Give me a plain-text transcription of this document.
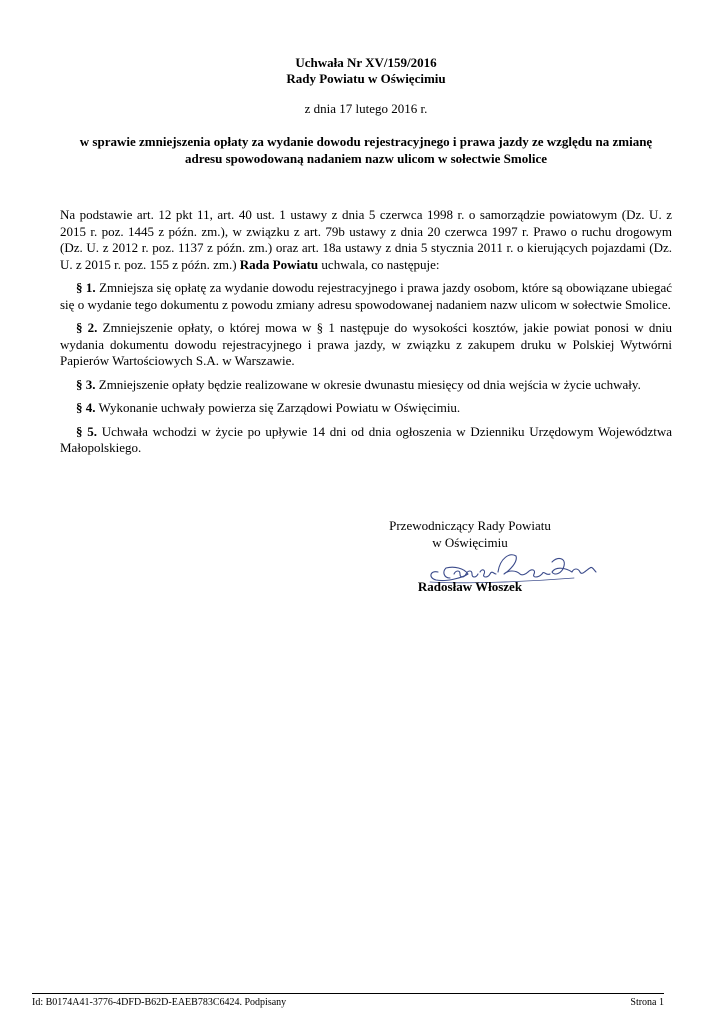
Uchwała Nr XV/159/2016
Rady Powiatu w Oświęcimiu
z dnia 17 lutego 2016 r.
w sprawie zmniejszenia opłaty za wydanie dowodu rejestracyjnego i prawa jazdy ze względu na zmianę adresu spowodowaną nadaniem nazw ulicom w sołectwie Smolice

Na podstawie art. 12 pkt 11, art. 40 ust. 1 ustawy z dnia 5 czerwca 1998 r. o samorządzie powiatowym (Dz. U. z 2015 r. poz. 1445 z późn. zm.), w związku z art. 79b ustawy z dnia 20 czerwca 1997 r. Prawo o ruchu drogowym (Dz. U. z 2012 r. poz. 1137 z późn. zm.) oraz art. 18a ustawy z dnia 5 stycznia 2011 r. o kierujących pojazdami (Dz. U. z 2015 r. poz. 155 z późn. zm.) Rada Powiatu uchwala, co następuje:

§ 1. Zmniejsza się opłatę za wydanie dowodu rejestracyjnego i prawa jazdy osobom, które są obowiązane ubiegać się o wydanie tego dokumentu z powodu zmiany adresu spowodowanej nadaniem nazw ulicom w sołectwie Smolice.

§ 2. Zmniejszenie opłaty, o której mowa w § 1 następuje do wysokości kosztów, jakie powiat ponosi w dniu wydania dokumentu dowodu rejestracyjnego i prawa jazdy, w związku z zakupem druku w Polskiej Wytwórni Papierów Wartościowych S.A. w Warszawie.

§ 3. Zmniejszenie opłaty będzie realizowane w okresie dwunastu miesięcy od dnia wejścia w życie uchwały.

§ 4. Wykonanie uchwały powierza się Zarządowi Powiatu w Oświęcimiu.

§ 5. Uchwała wchodzi w życie po upływie 14 dni od dnia ogłoszenia w Dzienniku Urzędowym Województwa Małopolskiego.

Przewodniczący Rady Powiatu
w Oświęcimiu
Radosław Włoszek
Id: B0174A41-3776-4DFD-B62D-EAEB783C6424. Podpisany	Strona 1
